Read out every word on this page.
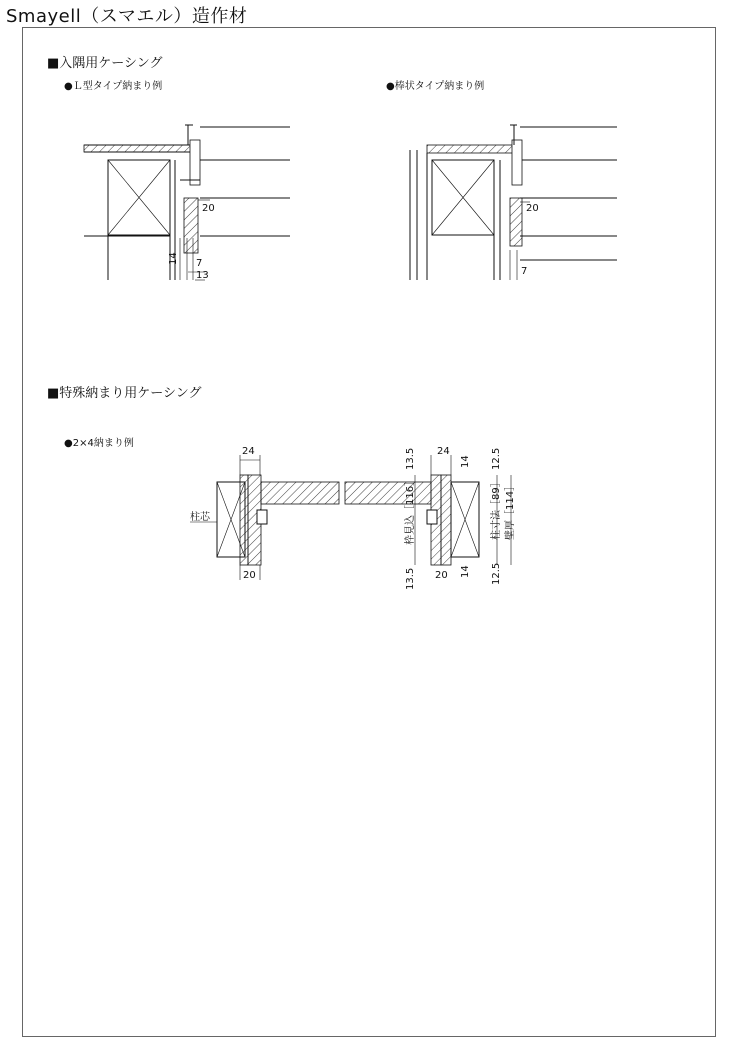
Smayell（スマエル）造作材
■入隅用ケーシング
●Ｌ型タイプ納まり例	●棒状タイプ納まり例
20
14 7
13
20
7
■特殊納まり用ケーシング
●2×4納まり例
24
柱芯
20
24
14
14
20
13.5
枠見込［116］
13.5
12.5
柱寸法［89］ 壁厚［114］
12.5
